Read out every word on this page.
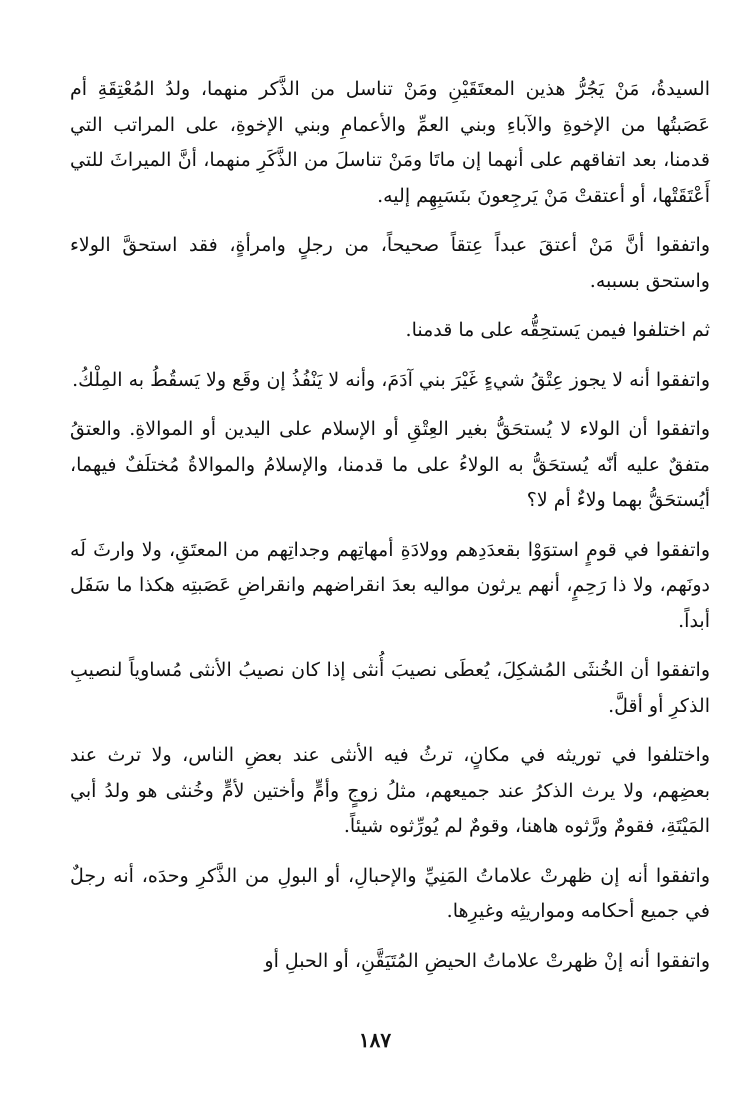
السيدةُ، مَنْ يَجُرُّ هذين المعتَقَيْنِ ومَنْ تناسل من الذَّكر منهما، ولدُ المُعْتِقَةِ أم عَصَبتُها من الإخوةِ والآباءِ وبني العمِّ والأعمامِ وبني الإخوةِ، على المراتب التي قدمنا، بعد اتفاقهم على أنهما إن ماتَا ومَنْ تناسلَ من الذَّكَرِ منهما، أنَّ الميراثَ للتي أَعْتَقَتْها، أو أعتقتْ مَنْ يَرجِعونَ بنَسَبِهِم إليه.

واتفقوا أنَّ مَنْ أعتقَ عبداً عِتقاً صحيحاً، من رجلٍ وامرأةٍ، فقد استحقَّ الولاء واستحق بسببه.

ثم اختلفوا فيمن يَستحِقُّه على ما قدمنا.

واتفقوا أنه لا يجوز عِتْقُ شيءٍ غَيْرَ بني آدَمَ، وأنه لا يَنْفُذُ إن وقَع ولا يَسقُطُ به المِلْكُ.

واتفقوا أن الولاء لا يُستحَقُّ بغير العِتْقِ أو الإسلام على اليدين أو الموالاةِ. والعتقُ متفقٌ عليه أنّه يُستحَقُّ به الولاءُ على ما قدمنا، والإسلامُ والموالاةُ مُختلَفٌ فيهما، أيُستحَقُّ بهما ولاءٌ أم لا؟

واتفقوا في قومٍ استوَوْا بقعدَدِهم وولادَةِ أمهاتِهم وجداتِهم من المعتَقِ، ولا وارثَ لَه دونَهم، ولا ذا رَحِمٍ، أنهم يرثون مواليه بعدَ انقراضهم وانقراضِ عَصَبتِه هكذا ما سَفَل أبداً.

واتفقوا أن الخُنثَى المُشكِلَ، يُعطَى نصيبَ أُنثى إذا كان نصيبُ الأنثى مُساوياً لنصيبِ الذكرِ أو أقلَّ.

واختلفوا في توريثه في مكانٍ، ترثُ فيه الأنثى عند بعضِ الناس، ولا ترث عند بعضِهم، ولا يرث الذكرُ عند جميعهم، مثلُ زوجٍ وأمٍّ وأختين لأمٍّ وخُنثى هو ولدُ أبي المَيْتَةِ، فقومٌ ورَّثوه هاهنا، وقومٌ لم يُورِّثوه شيئاً.

واتفقوا أنه إن ظهرتْ علاماتُ المَنِيِّ والإحبالِ، أو البولِ من الذَّكرِ وحدَه، أنه رجلٌ في جميع أحكامه ومواريثِه وغيرِها.

واتفقوا أنه إنْ ظهرتْ علاماتُ الحيضِ المُتَيَقَّنِ، أو الحبلِ أو

١٨٧
